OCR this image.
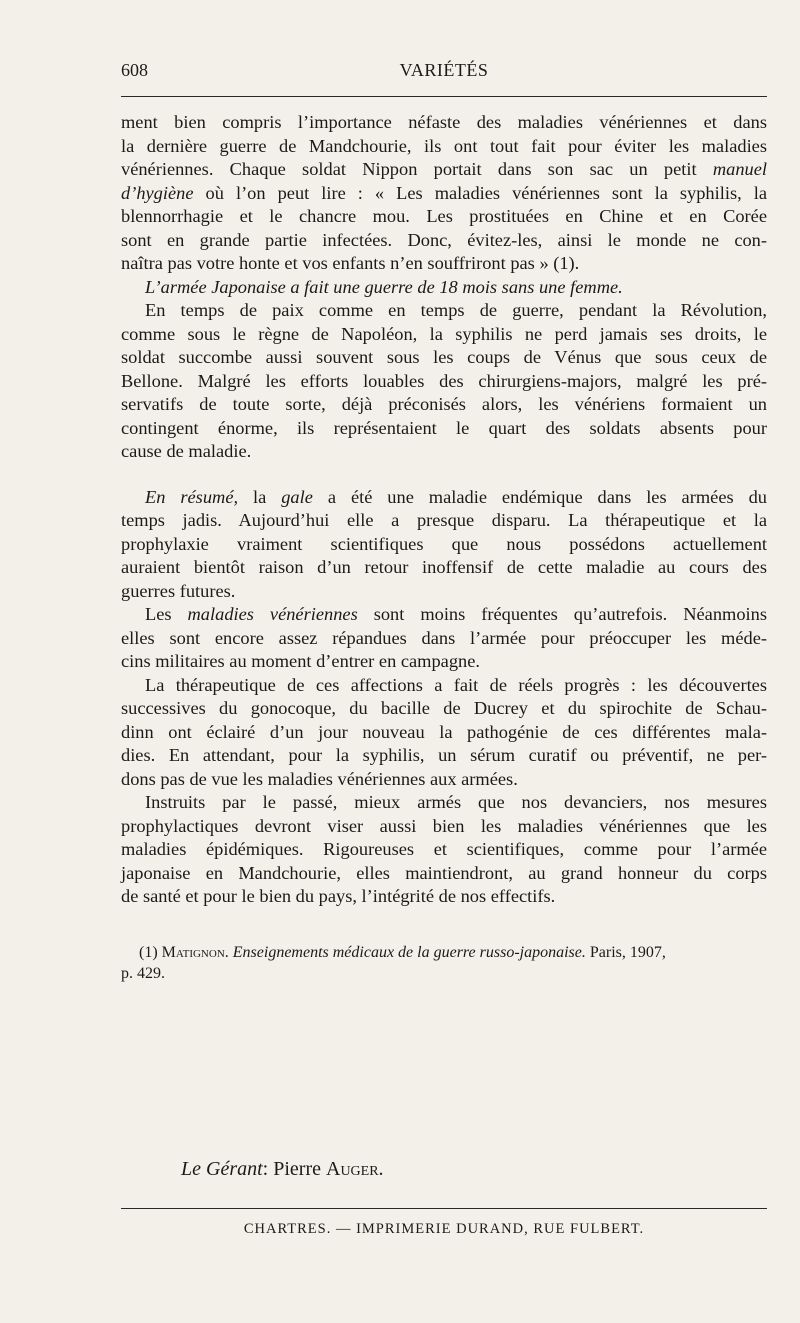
608	VARIÉTÉS
ment bien compris l’importance néfaste des maladies vénériennes et dans
la dernière guerre de Mandchourie, ils ont tout fait pour éviter les maladies
vénériennes. Chaque soldat Nippon portait dans son sac un petit manuel
d’hygiène où l’on peut lire : « Les maladies vénériennes sont la syphilis, la
blennorrhagie et le chancre mou. Les prostituées en Chine et en Corée
sont en grande partie infectées. Donc, évitez-les, ainsi le monde ne con-
naîtra pas votre honte et vos enfants n’en souffriront pas » (1).
L’armée Japonaise a fait une guerre de 18 mois sans une femme.
En temps de paix comme en temps de guerre, pendant la Révolution,
comme sous le règne de Napoléon, la syphilis ne perd jamais ses droits, le
soldat succombe aussi souvent sous les coups de Vénus que sous ceux de
Bellone. Malgré les efforts louables des chirurgiens-majors, malgré les pré-
servatifs de toute sorte, déjà préconisés alors, les vénériens formaient un
contingent énorme, ils représentaient le quart des soldats absents pour
cause de maladie.
En résumé, la gale a été une maladie endémique dans les armées du
temps jadis. Aujourd’hui elle a presque disparu. La thérapeutique et la
prophylaxie vraiment scientifiques que nous possédons actuellement
auraient bientôt raison d’un retour inoffensif de cette maladie au cours des
guerres futures.
Les maladies vénériennes sont moins fréquentes qu’autrefois. Néanmoins
elles sont encore assez répandues dans l’armée pour préoccuper les méde-
cins militaires au moment d’entrer en campagne.
La thérapeutique de ces affections a fait de réels progrès : les découvertes
successives du gonocoque, du bacille de Ducrey et du spirochite de Schau-
dinn ont éclairé d’un jour nouveau la pathogénie de ces différentes mala-
dies. En attendant, pour la syphilis, un sérum curatif ou préventif, ne per-
dons pas de vue les maladies vénériennes aux armées.
Instruits par le passé, mieux armés que nos devanciers, nos mesures
prophylactiques devront viser aussi bien les maladies vénériennes que les
maladies épidémiques. Rigoureuses et scientifiques, comme pour l’armée
japonaise en Mandchourie, elles maintiendront, au grand honneur du corps
de santé et pour le bien du pays, l’intégrité de nos effectifs.
(1) Matignon. Enseignements médicaux de la guerre russo-japonaise. Paris, 1907,
p. 429.
Le Gérant: Pierre Auger.
CHARTRES. — IMPRIMERIE DURAND, RUE FULBERT.
